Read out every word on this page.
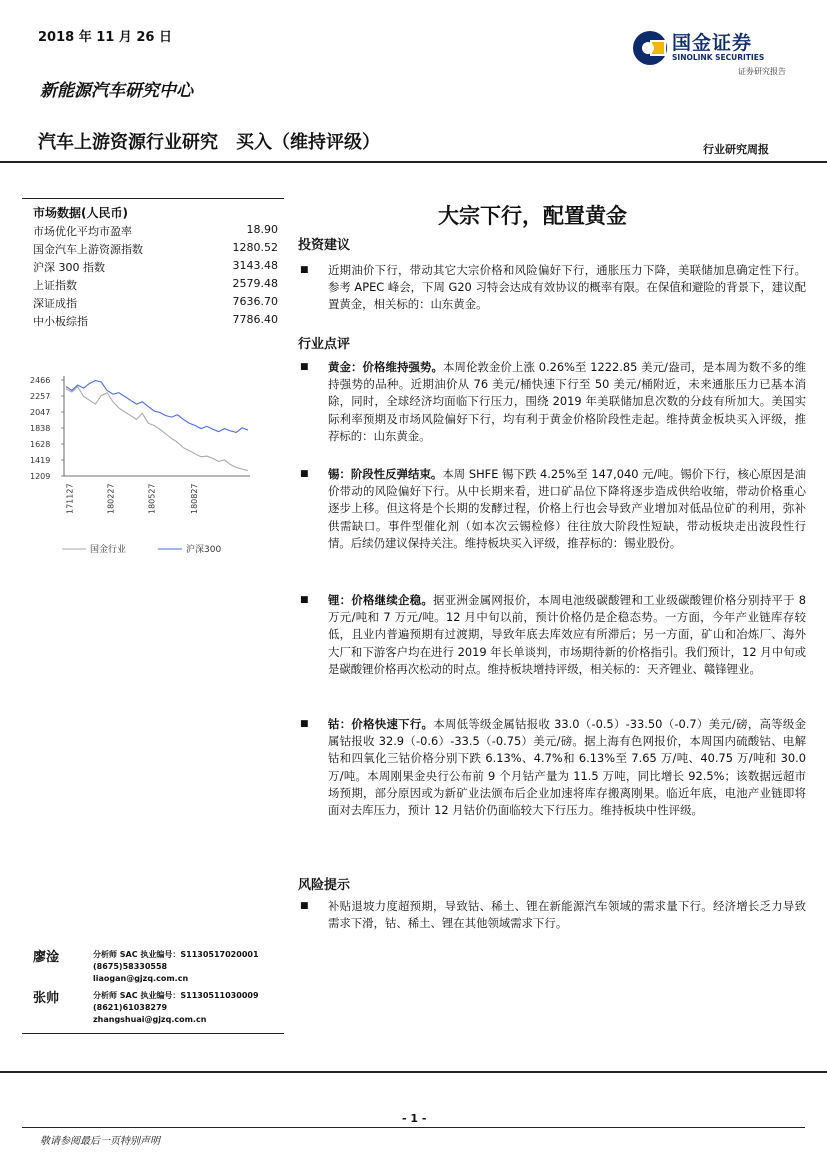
2018 年 11 月 26 日
新能源汽车研究中心
汽车上游资源行业研究　买入（维持评级）	行业研究周报
国金证券
SINOLINK SECURITIES
证券研究报告
市场数据(人民币)
市场优化平均市盈率	18.90
国金汽车上游资源指数	1280.52
沪深 300 指数	3143.48
上证指数	2579.48
深证成指	7636.70
中小板综指	7786.40
2466
2257
2047
1838
1628
1419
1209
171127	180227	180527	180827
国金行业	沪深300
廖淦	分析师 SAC 执业编号：S1130517020001
(8675)58330558
liaogan@gjzq.com.cn
张帅	分析师 SAC 执业编号：S1130511030009
(8621)61038279
zhangshuai@gjzq.com.cn
大宗下行，配置黄金
投资建议
■ 近期油价下行，带动其它大宗价格和风险偏好下行，通胀压力下降，美联储加息确定性下行。参考 APEC 峰会，下周 G20 习特会达成有效协议的概率有限。在保值和避险的背景下，建议配置黄金，相关标的：山东黄金。
行业点评
■ 黄金：价格维持强势。本周伦敦金价上涨 0.26%至 1222.85 美元/盎司，是本周为数不多的维持强势的品种。近期油价从 76 美元/桶快速下行至 50 美元/桶附近，未来通胀压力已基本消除，同时，全球经济均面临下行压力，围绕 2019 年美联储加息次数的分歧有所加大。美国实际利率预期及市场风险偏好下行，均有利于黄金价格阶段性走起。维持黄金板块买入评级，推荐标的：山东黄金。
■ 锡：阶段性反弹结束。本周 SHFE 锡下跌 4.25%至 147,040 元/吨。锡价下行，核心原因是油价带动的风险偏好下行。从中长期来看，进口矿品位下降将逐步造成供给收缩，带动价格重心逐步上移。但这将是个长期的发酵过程，价格上行也会导致产业增加对低品位矿的利用，弥补供需缺口。事件型催化剂（如本次云锡检修）往往放大阶段性短缺，带动板块走出波段性行情。后续仍建议保持关注。维持板块买入评级，推荐标的：锡业股份。
■ 锂：价格继续企稳。据亚洲金属网报价，本周电池级碳酸锂和工业级碳酸锂价格分别持平于 8 万元/吨和 7 万元/吨。12 月中旬以前，预计价格仍是企稳态势。一方面，今年产业链库存较低，且业内普遍预期有过渡期，导致年底去库效应有所滞后；另一方面，矿山和冶炼厂、海外大厂和下游客户均在进行 2019 年长单谈判，市场期待新的价格指引。我们预计，12 月中旬或是碳酸锂价格再次松动的时点。维持板块增持评级，相关标的：天齐锂业、赣锋锂业。
■ 钴：价格快速下行。本周低等级金属钴报收 33.0（-0.5）-33.50（-0.7）美元/磅，高等级金属钴报收 32.9（-0.6）-33.5（-0.75）美元/磅。据上海有色网报价，本周国内硫酸钴、电解钴和四氧化三钴价格分别下跌 6.13%、4.7%和 6.13%至 7.65 万/吨、40.75 万/吨和 30.0 万/吨。本周刚果金央行公布前 9 个月钴产量为 11.5 万吨，同比增长 92.5%；该数据远超市场预期，部分原因或为新矿业法颁布后企业加速将库存搬离刚果。临近年底，电池产业链即将面对去库压力，预计 12 月钴价仍面临较大下行压力。维持板块中性评级。
风险提示
■ 补贴退坡力度超预期，导致钴、稀土、锂在新能源汽车领域的需求量下行。经济增长乏力导致需求下滑，钴、稀土、锂在其他领域需求下行。
- 1 -
敬请参阅最后一页特别声明
